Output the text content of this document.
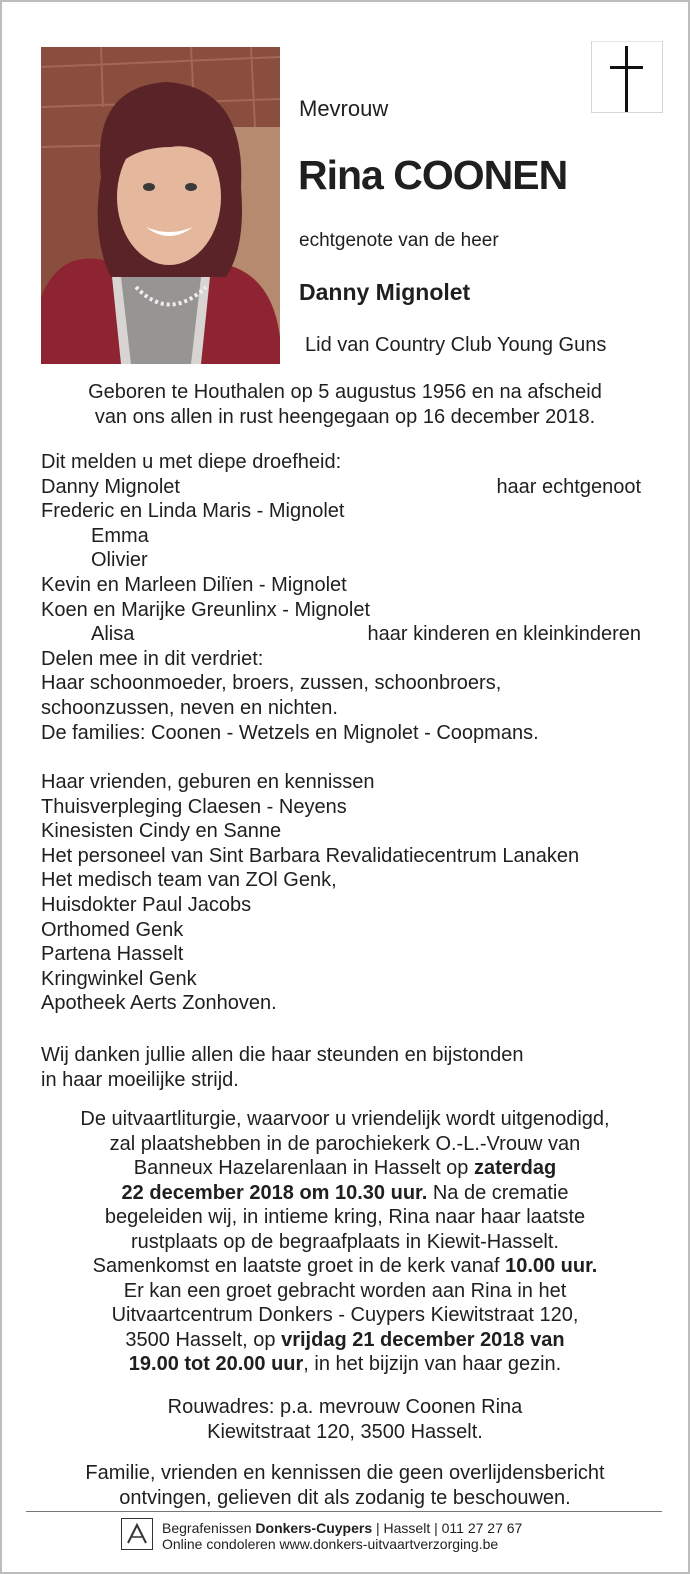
Mevrouw
Rina COONEN
echtgenote van de heer
Danny Mignolet
Lid van Country Club Young Guns
Geboren te Houthalen op 5 augustus 1956 en na afscheid
van ons allen in rust heengegaan op 16 december 2018.
Dit melden u met diepe droefheid:
Danny Mignolet	haar echtgenoot
Frederic en Linda Maris - Mignolet
Emma
Olivier
Kevin en Marleen Dilïen - Mignolet
Koen en Marijke Greunlinx - Mignolet
Alisa	haar kinderen en kleinkinderen
Delen mee in dit verdriet:
Haar schoonmoeder, broers, zussen, schoonbroers,
schoonzussen, neven en nichten.
De families: Coonen - Wetzels en Mignolet - Coopmans.
Haar vrienden, geburen en kennissen
Thuisverpleging Claesen - Neyens
Kinesisten Cindy en Sanne
Het personeel van Sint Barbara Revalidatiecentrum Lanaken
Het medisch team van ZOl Genk,
Huisdokter Paul Jacobs
Orthomed Genk
Partena Hasselt
Kringwinkel Genk
Apotheek Aerts Zonhoven.
Wij danken jullie allen die haar steunden en bijstonden
in haar moeilijke strijd.
De uitvaartliturgie, waarvoor u vriendelijk wordt uitgenodigd,
zal plaatshebben in de parochiekerk O.-L.-Vrouw van
Banneux Hazelarenlaan in Hasselt op zaterdag
22 december 2018 om 10.30 uur. Na de crematie
begeleiden wij, in intieme kring, Rina naar haar laatste
rustplaats op de begraafplaats in Kiewit-Hasselt.
Samenkomst en laatste groet in de kerk vanaf 10.00 uur.
Er kan een groet gebracht worden aan Rina in het
Uitvaartcentrum Donkers - Cuypers Kiewitstraat 120,
3500 Hasselt, op vrijdag 21 december 2018 van
19.00 tot 20.00 uur, in het bijzijn van haar gezin.
Rouwadres: p.a. mevrouw Coonen Rina
Kiewitstraat 120, 3500 Hasselt.
Familie, vrienden en kennissen die geen overlijdensbericht
ontvingen, gelieven dit als zodanig te beschouwen.
Begrafenissen Donkers-Cuypers | Hasselt | 011 27 27 67
Online condoleren www.donkers-uitvaartverzorging.be
